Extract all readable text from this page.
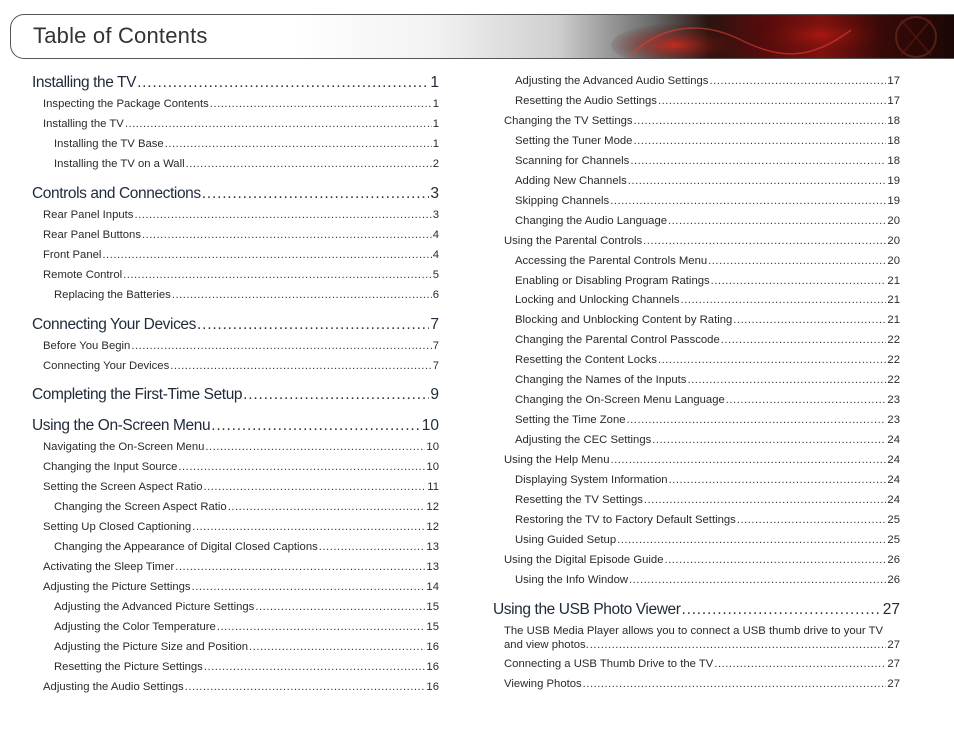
Table of Contents
Installing the TV .....	1
Inspecting the Package Contents .....	1
Installing the TV .....	1
Installing the TV Base .....	1
Installing the TV on a Wall .....	2
Controls and Connections .....	3
Rear Panel Inputs .....	3
Rear Panel Buttons .....	4
Front Panel .....	4
Remote Control .....	5
Replacing the Batteries .....	6
Connecting Your Devices .....	7
Before You Begin .....	7
Connecting Your Devices .....	7
Completing the First-Time Setup .....	9
Using the On-Screen Menu .....	10
Navigating the On-Screen Menu .....	10
Changing the Input Source .....	10
Setting the Screen Aspect Ratio .....	11
Changing the Screen Aspect Ratio .....	12
Setting Up Closed Captioning .....	12
Changing the Appearance of Digital Closed Captions .....	13
Activating the Sleep Timer .....	13
Adjusting the Picture Settings .....	14
Adjusting the Advanced Picture Settings .....	15
Adjusting the Color Temperature .....	15
Adjusting the Picture Size and Position .....	16
Resetting the Picture Settings .....	16
Adjusting the Audio Settings .....	16
Adjusting the Advanced Audio Settings .....	17
Resetting the Audio Settings .....	17
Changing the TV Settings .....	18
Setting the Tuner Mode .....	18
Scanning for Channels .....	18
Adding New Channels .....	19
Skipping Channels .....	19
Changing the Audio Language .....	20
Using the Parental Controls .....	20
Accessing the Parental Controls Menu .....	20
Enabling or Disabling Program Ratings .....	21
Locking and Unlocking Channels .....	21
Blocking and Unblocking Content by Rating .....	21
Changing the Parental Control Passcode .....	22
Resetting the Content Locks .....	22
Changing the Names of the Inputs .....	22
Changing the On-Screen Menu Language .....	23
Setting the Time Zone .....	23
Adjusting the CEC Settings .....	24
Using the Help Menu .....	24
Displaying System Information .....	24
Resetting the TV Settings .....	24
Restoring the TV to Factory Default Settings .....	25
Using Guided Setup .....	25
Using the Digital Episode Guide .....	26
Using the Info Window .....	26
Using the USB Photo Viewer .....	27
The USB Media Player allows you to connect a USB thumb drive to your TV
and view photos. .....	27
Connecting a USB Thumb Drive to the TV .....	27
Viewing Photos .....	27
